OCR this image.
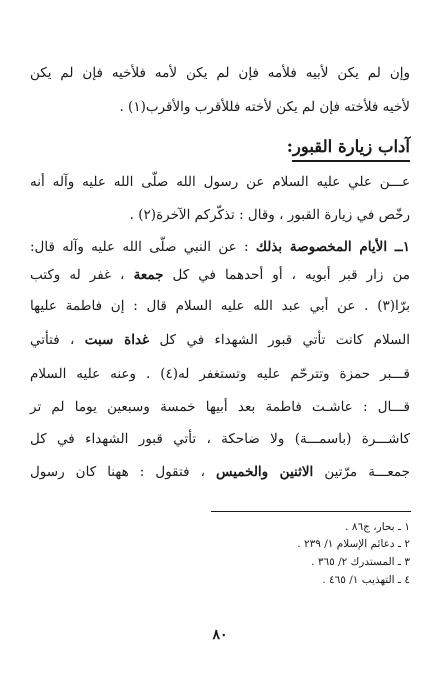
وإن لم يكن لأبيه فلأمه فإن لم يكن لأمه فلأخيه فإن لم يكن
لأخيه فلأخته فإن لم يكن لأخته فللأقرب والأقرب(١) .
آداب زيارة القبور:
عـــن علي عليه السلام عن رسول الله صلّى الله عليه وآله أنه
رخّص في زيارة القبور ، وقال : تذكّركم الآخرة(٢) .
١ــ الأيام المخصوصة بذلك : عن النبي صلّى الله عليه وآله قال:
من زار قبر أبويه ، أو أحدهما في كل جمعة ، غفر له وكتب
برّا(٣) . عن أبي عبد الله عليه السلام قال : إن فاطمة عليها
السلام كانت تأتي قبور الشهداء في كل غداة سبت ، فتأتي
قـــبر حمزة وتترحّم عليه وتستغفر له(٤) . وعنه عليه السلام
قـــال : عاشـت فاطمة بعد أبيها خمسة وسبعين يوما لم تر
كاشـــرة (باسمـــة) ولا ضاحكة ، تأتي قبور الشهداء في كل
جمعـــة مرّتين الاثنين والخميس ، فتقول : ههنا كان رسول
١ ـ بحار، ج٨٦ .
٢ ـ دعائم الإسلام ١/ ٢٣٩ .
٣ ـ المستدرك ٢/ ٣٦٥ .
٤ ـ التهذيب ١/ ٤٦٥ .
٨٠
